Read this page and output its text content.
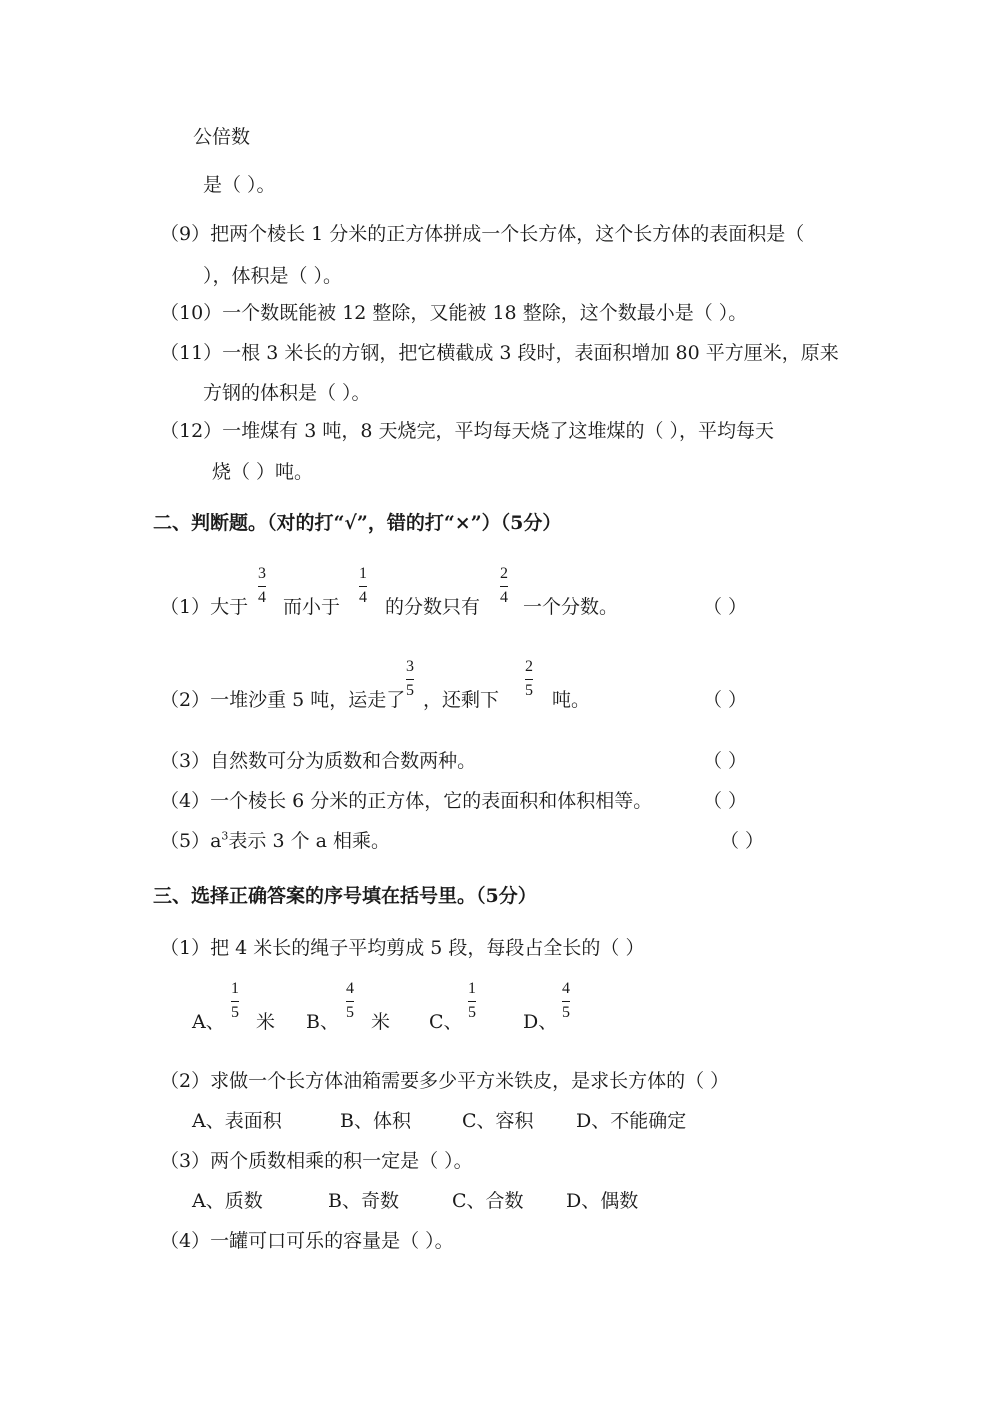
公倍数
是（ ）。
（9）把两个棱长 1 分米的正方体拼成一个长方体，这个长方体的表面积是（
），体积是（ ）。
（10）一个数既能被 12 整除，又能被 18 整除，这个数最小是（ ）。
（11）一根 3 米长的方钢，把它横截成 3 段时，表面积增加 80 平方厘米，原来
方钢的体积是（ ）。
（12）一堆煤有 3 吨，8 天烧完，平均每天烧了这堆煤的（ ），平均每天
烧（ ）吨。
二、判断题。（对的打“√”，错的打“×”）（5分）
（1）大于
3
4 而小于
1
4 的分数只有
2
4 一个分数。	（ ）
（2）一堆沙重 5 吨，运走了
3
5 ，还剩下
2
5 吨。	（ ）
（3）自然数可分为质数和合数两种。	（ ）
（4）一个棱长 6 分米的正方体，它的表面积和体积相等。	（ ）
$(5)a^3$表示 3 个 a 相乘。	（ ）
三、选择正确答案的序号填在括号里。（5分）
（1）把 4 米长的绳子平均剪成 5 段，每段占全长的（ ）
A、
1
5 米 B、
4
5 米 C、
1
5 D、
4
5
（2）求做一个长方体油箱需要多少平方米铁皮，是求长方体的（ ）
A、表面积	B、体积	C、容积 D、不能确定
（3）两个质数相乘的积一定是（ ）。
A、质数	B、奇数	C、合数 D、偶数
（4）一罐可口可乐的容量是（ ）。
